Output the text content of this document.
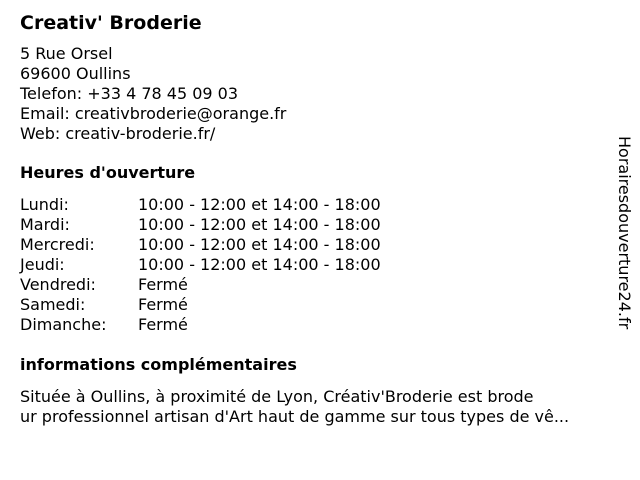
Creativ' Broderie
5 Rue Orsel
69600 Oullins
Telefon: +33 4 78 45 09 03
Email: creativbroderie@orange.fr
Web: creativ-broderie.fr/
Heures d'ouverture
Lundi:	10:00 - 12:00 et 14:00 - 18:00
Mardi:	10:00 - 12:00 et 14:00 - 18:00
Mercredi:	10:00 - 12:00 et 14:00 - 18:00
Jeudi:	10:00 - 12:00 et 14:00 - 18:00
Vendredi:	Fermé
Samedi:	Fermé
Dimanche:	Fermé
informations complémentaires
Située à Oullins, à proximité de Lyon, Créativ'Broderie est brode
ur professionnel artisan d'Art haut de gamme sur tous types de vê...
Horairesdouverture24.fr
